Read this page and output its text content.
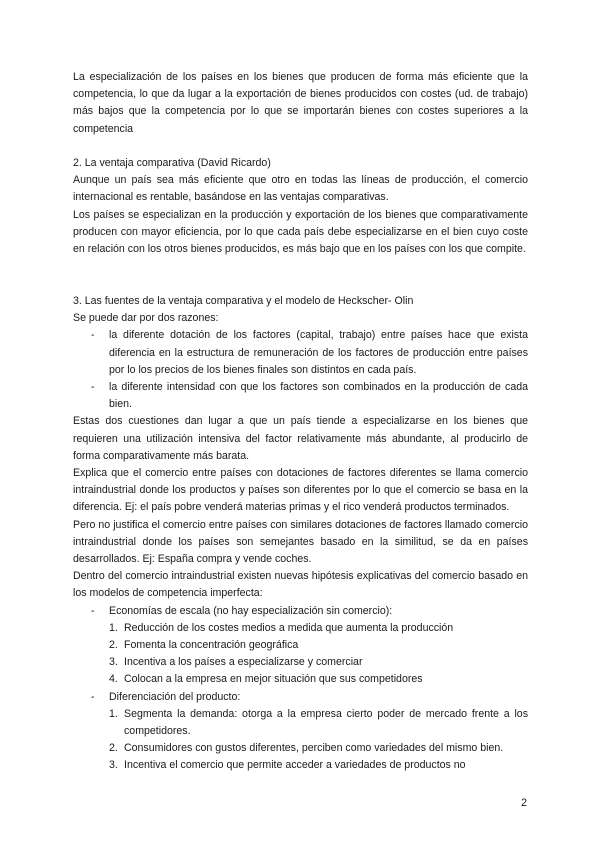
La especialización de los países en los bienes que producen de forma más eficiente que la competencia, lo que da lugar a la exportación de bienes producidos con costes (ud. de trabajo) más bajos que la competencia por lo que se importarán bienes con costes superiores a la competencia

2. La ventaja comparativa (David Ricardo)

Aunque un país sea más eficiente que otro en todas las líneas de producción, el comercio internacional es rentable, basándose en las ventajas comparativas.

Los países se especializan en la producción y exportación de los bienes que comparativamente producen con mayor eficiencia, por lo que cada país debe especializarse en el bien cuyo coste en relación con los otros bienes producidos, es más bajo que en los países con los que compite.

3. Las fuentes de la ventaja comparativa y el modelo de Heckscher- Olin

Se puede dar por dos razones:

- la diferente dotación de los factores (capital, trabajo) entre países hace que exista diferencia en la estructura de remuneración de los factores de producción entre países por lo los precios de los bienes finales son distintos en cada país.
- la diferente intensidad con que los factores son combinados en la producción de cada bien.

Estas dos cuestiones dan lugar a que un país tiende a especializarse en los bienes que requieren una utilización intensiva del factor relativamente más abundante, al producirlo de forma comparativamente más barata.

Explica que el comercio entre países con dotaciones de factores diferentes se llama comercio intraindustrial donde los productos y países son diferentes por lo que el comercio se basa en la diferencia. Ej: el país pobre venderá materias primas y el rico venderá productos terminados.

Pero no justifica el comercio entre países con similares dotaciones de factores llamado comercio intraindustrial donde los países son semejantes basado en la similitud, se da en países desarrollados. Ej: España compra y vende coches.

Dentro del comercio intraindustrial existen nuevas hipótesis explicativas del comercio basado en los modelos de competencia imperfecta:

- Economías de escala (no hay especialización sin comercio):
1. Reducción de los costes medios a medida que aumenta la producción
2. Fomenta la concentración geográfica
3. Incentiva a los países a especializarse y comerciar
4. Colocan a la empresa en mejor situación que sus competidores
- Diferenciación del producto:
1. Segmenta la demanda: otorga a la empresa cierto poder de mercado frente a los competidores.
2. Consumidores con gustos diferentes, perciben como variedades del mismo bien.
3. Incentiva el comercio que permite acceder a variedades de productos no
2
